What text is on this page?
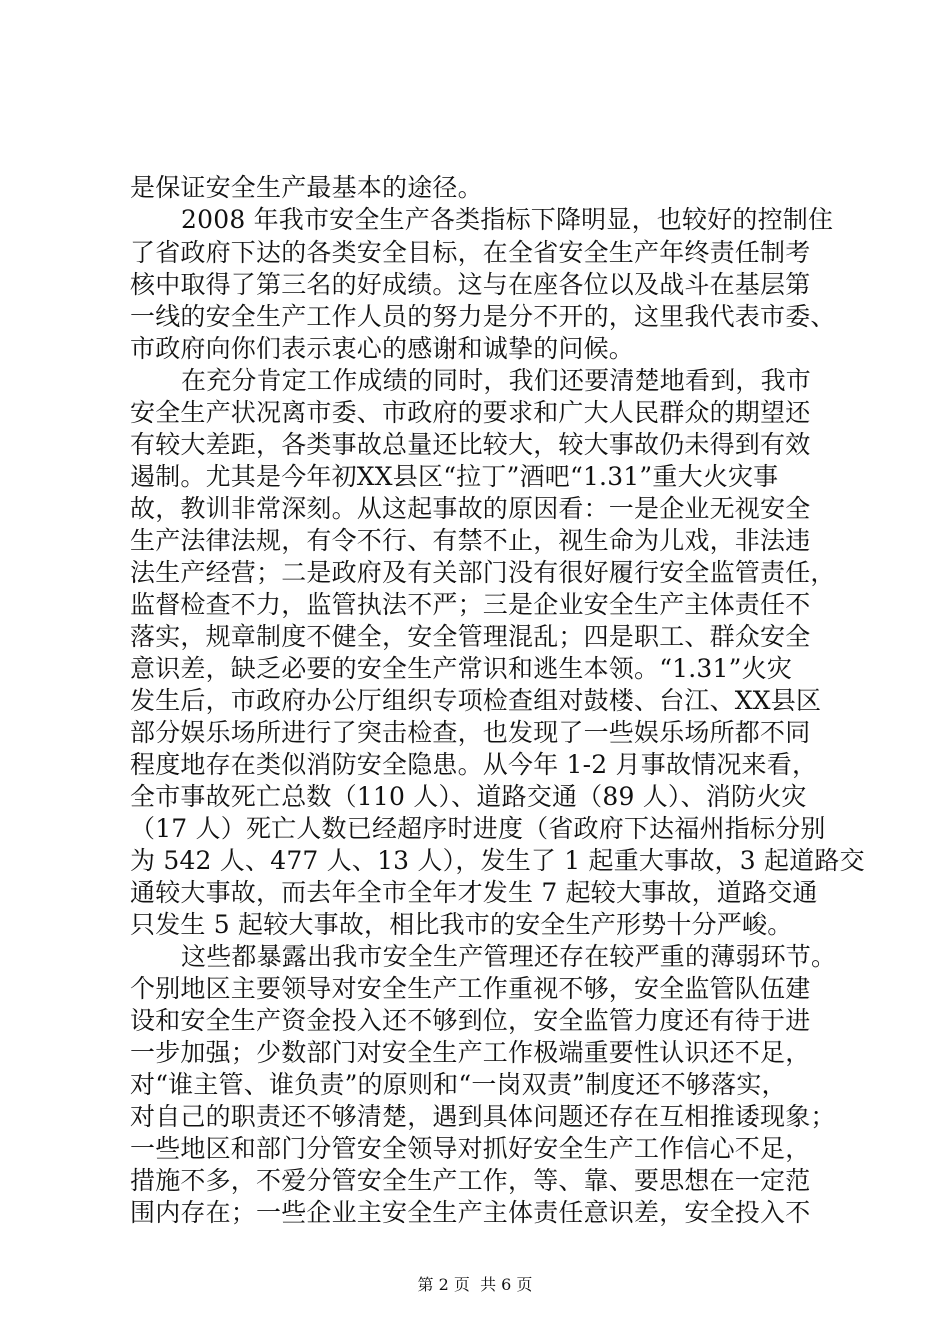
是保证安全生产最基本的途径。
2008 年我市安全生产各类指标下降明显，也较好的控制住
了省政府下达的各类安全目标，在全省安全生产年终责任制考
核中取得了第三名的好成绩。这与在座各位以及战斗在基层第
一线的安全生产工作人员的努力是分不开的，这里我代表市委、
市政府向你们表示衷心的感谢和诚挚的问候。
在充分肯定工作成绩的同时，我们还要清楚地看到，我市
安全生产状况离市委、市政府的要求和广大人民群众的期望还
有较大差距，各类事故总量还比较大，较大事故仍未得到有效
遏制。尤其是今年初XX县区“拉丁”酒吧“1.31”重大火灾事
故，教训非常深刻。从这起事故的原因看：一是企业无视安全
生产法律法规，有令不行、有禁不止，视生命为儿戏，非法违
法生产经营；二是政府及有关部门没有很好履行安全监管责任，
监督检查不力，监管执法不严；三是企业安全生产主体责任不
落实，规章制度不健全，安全管理混乱；四是职工、群众安全
意识差，缺乏必要的安全生产常识和逃生本领。“1.31”火灾
发生后，市政府办公厅组织专项检查组对鼓楼、台江、XX县区
部分娱乐场所进行了突击检查，也发现了一些娱乐场所都不同
程度地存在类似消防安全隐患。从今年 1-2 月事故情况来看，
全市事故死亡总数（110 人）、道路交通（89 人）、消防火灾
（17 人）死亡人数已经超序时进度（省政府下达福州指标分别
为 542 人、477 人、13 人），发生了 1 起重大事故，3 起道路交
通较大事故，而去年全市全年才发生 7 起较大事故，道路交通
只发生 5 起较大事故，相比我市的安全生产形势十分严峻。
这些都暴露出我市安全生产管理还存在较严重的薄弱环节。
个别地区主要领导对安全生产工作重视不够，安全监管队伍建
设和安全生产资金投入还不够到位，安全监管力度还有待于进
一步加强；少数部门对安全生产工作极端重要性认识还不足，
对“谁主管、谁负责”的原则和“一岗双责”制度还不够落实，
对自己的职责还不够清楚，遇到具体问题还存在互相推诿现象；
一些地区和部门分管安全领导对抓好安全生产工作信心不足，
措施不多，不爱分管安全生产工作，等、靠、要思想在一定范
围内存在；一些企业主安全生产主体责任意识差，安全投入不
第 2 页  共 6 页
